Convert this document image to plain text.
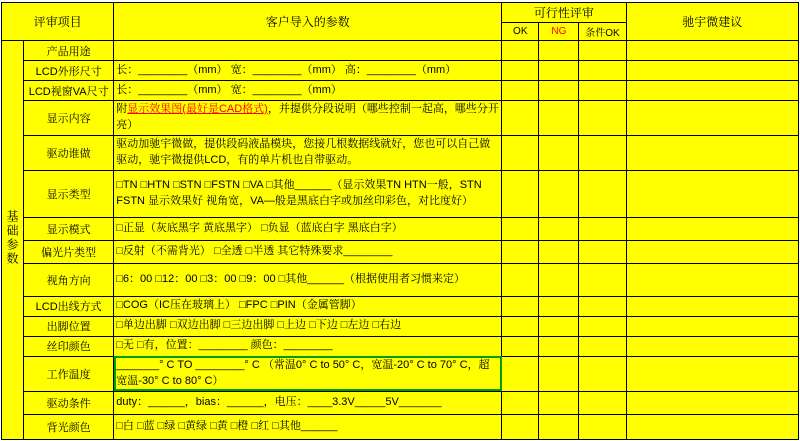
评审项目		客户导入的参数	可行性评审			驰宇微建议
			OK	NG	条件OK	
基础参数	产品用途					
	LCD外形尺寸	长：________（mm） 宽：________（mm） 高：________（mm）				
	LCD视窗VA尺寸	长：________（mm） 宽：________（mm）				
	显示内容	附显示效果图(最好是CAD格式)，并提供分段说明（哪些控制一起高，哪些分开亮）				
	驱动谁做	驱动加驰宇微做，提供段码液晶模块，您接几根数据线就好，您也可以自己做驱动，驰宇微提供LCD，有的单片机也自带驱动。				
	显示类型	□TN □HTN □STN □FSTN □VA □其他______（显示效果TN HTN一般，STN FSTN 显示效果好 视角宽，VA—般是黑底白字或加丝印彩色，对比度好）				
	显示模式	□正显（灰底黑字 黄底黑字） □负显（蓝底白字 黑底白字）				
	偏光片类型	□反射（不需背光） □全透 □半透 其它特殊要求________				
	视角方向	□6：00 □12：00 □3：00 □9：00 □其他______（根据使用者习惯来定）				
	LCD出线方式	□COG（IC压在玻璃上） □FPC □PIN（金属管脚）				
	出脚位置	□单边出脚 □双边出脚 □三边出脚 □上边 □下边 □左边 □右边				
	丝印颜色	□无 □有，位置：________ 颜色：________				
	工作温度	_______° C TO ________° C （常温0° C to 50° C，宽温-20° C to 70° C，超宽温-30° C to 80° C）				
	驱动条件	duty：______，bias：______，电压：____3.3V_____5V_______				
	背光颜色	□白 □蓝 □绿 □黄绿 □黄 □橙 □红 □其他______				
